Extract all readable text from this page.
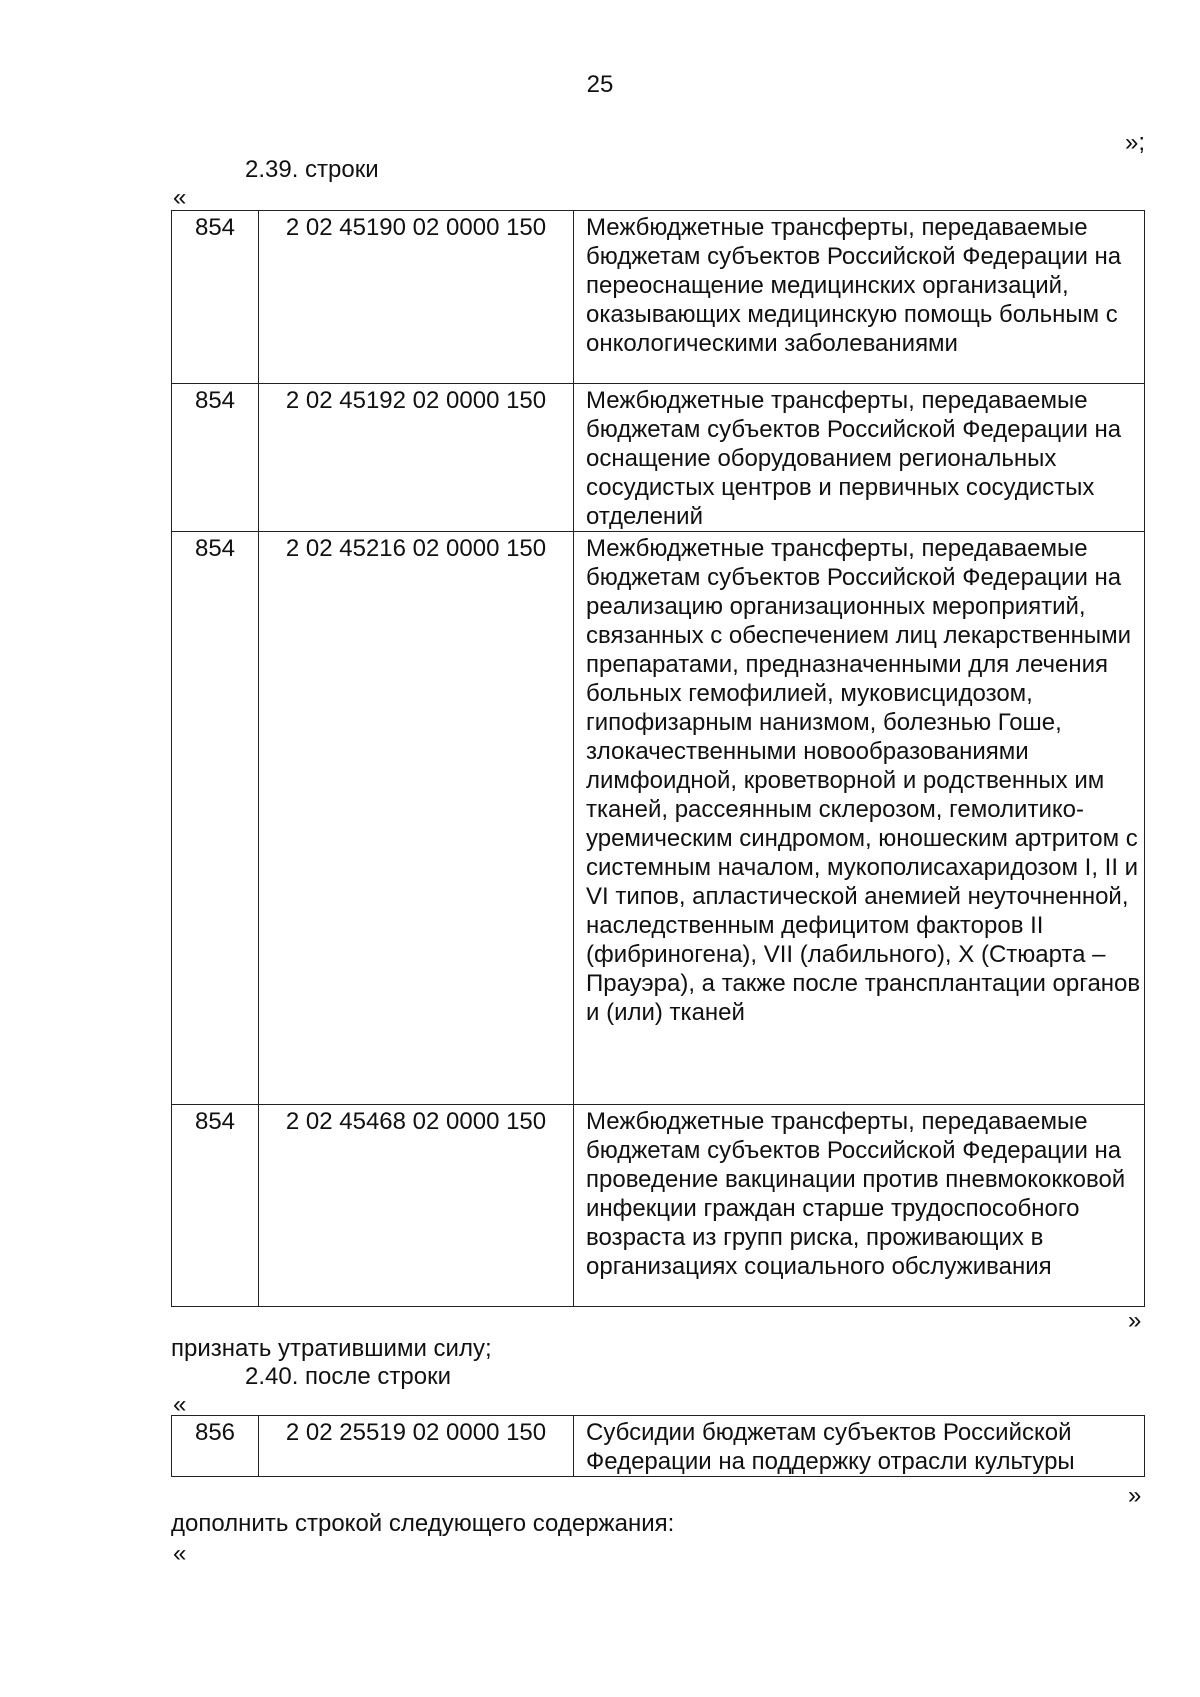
25
»;
2.39. строки
«
854	2 02 45190 02 0000 150	Межбюджетные трансферты, передаваемые бюджетам субъектов Российской Федерации на переоснащение медицинских организаций, оказывающих медицинскую помощь больным с онкологическими заболеваниями
854	2 02 45192 02 0000 150	Межбюджетные трансферты, передаваемые бюджетам субъектов Российской Федерации на оснащение оборудованием региональных сосудистых центров и первичных сосудистых отделений
854	2 02 45216 02 0000 150	Межбюджетные трансферты, передаваемые бюджетам субъектов Российской Федерации на реализацию организационных мероприятий, связанных с обеспечением лиц лекарственными препаратами, предназначенными для лечения больных гемофилией, муковисцидозом, гипофизарным нанизмом, болезнью Гоше, злокачественными новообразованиями лимфоидной, кроветворной и родственных им тканей, рассеянным склерозом, гемолитико-уремическим синдромом, юношеским артритом с системным началом, мукополисахаридозом I, II и VI типов, апластической анемией неуточненной, наследственным дефицитом факторов II (фибриногена), VII (лабильного), X (Стюарта – Прауэра), а также после трансплантации органов и (или) тканей
854	2 02 45468 02 0000 150	Межбюджетные трансферты, передаваемые бюджетам субъектов Российской Федерации на проведение вакцинации против пневмококковой инфекции граждан старше трудоспособного возраста из групп риска, проживающих в организациях социального обслуживания
»
признать утратившими силу;
2.40. после строки
«
856	2 02 25519 02 0000 150	Субсидии бюджетам субъектов Российской Федерации на поддержку отрасли культуры
»
дополнить строкой следующего содержания:
«
